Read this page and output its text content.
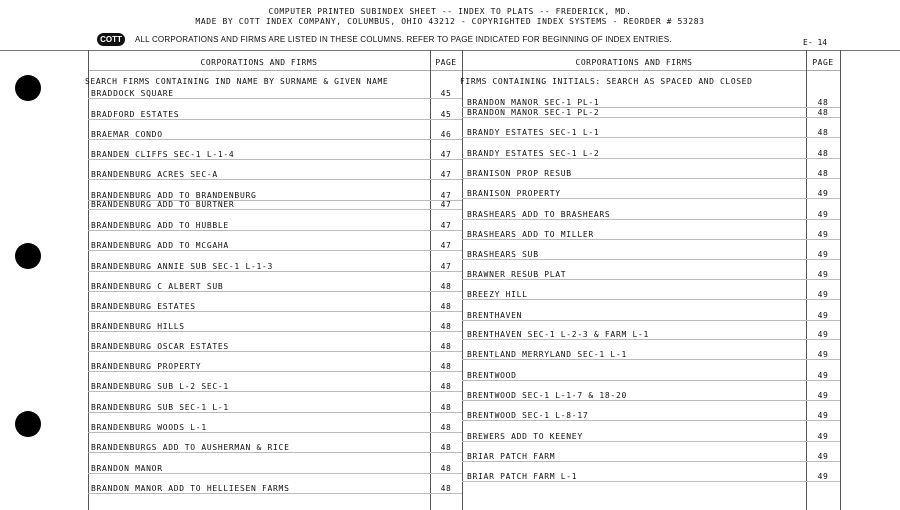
COMPUTER PRINTED SUBINDEX SHEET -- INDEX TO PLATS -- FREDERICK, MD.
MADE BY COTT INDEX COMPANY, COLUMBUS, OHIO 43212 - COPYRIGHTED INDEX SYSTEMS - REORDER # 53283
COTT	ALL CORPORATIONS AND FIRMS ARE LISTED IN THESE COLUMNS. REFER TO PAGE INDICATED FOR BEGINNING OF INDEX ENTRIES.	E- 14
CORPORATIONS AND FIRMS	PAGE	CORPORATIONS AND FIRMS	PAGE
SEARCH FIRMS CONTAINING IND NAME BY SURNAME & GIVEN NAME	FIRMS CONTAINING INITIALS: SEARCH AS SPACED AND CLOSED
BRADDOCK SQUARE	45
BRADFORD ESTATES	45
BRAEMAR CONDO	46
BRANDEN CLIFFS SEC-1 L-1-4	47
BRANDENBURG ACRES SEC-A	47
BRANDENBURG ADD TO BRANDENBURG	47
BRANDENBURG ADD TO BURTNER	47
BRANDENBURG ADD TO HUBBLE	47
BRANDENBURG ADD TO MCGAHA	47
BRANDENBURG ANNIE SUB SEC-1 L-1-3	47
BRANDENBURG C ALBERT SUB	48
BRANDENBURG ESTATES	48
BRANDENBURG HILLS	48
BRANDENBURG OSCAR ESTATES	48
BRANDENBURG PROPERTY	48
BRANDENBURG SUB L-2 SEC-1	48
BRANDENBURG SUB SEC-1 L-1	48
BRANDENBURG WOODS L-1	48
BRANDENBURGS ADD TO AUSHERMAN & RICE	48
BRANDON MANOR	48
BRANDON MANOR ADD TO HELLIESEN FARMS	48
BRANDON MANOR SEC-1 PL-1	48
BRANDON MANOR SEC-1 PL-2	48
BRANDY ESTATES SEC-1 L-1	48
BRANDY ESTATES SEC-1 L-2	48
BRANISON PROP RESUB	48
BRANISON PROPERTY	49
BRASHEARS ADD TO BRASHEARS	49
BRASHEARS ADD TO MILLER	49
BRASHEARS SUB	49
BRAWNER RESUB PLAT	49
BREEZY HILL	49
BRENTHAVEN	49
BRENTHAVEN SEC-1 L-2-3 & FARM L-1	49
BRENTLAND MERRYLAND SEC-1 L-1	49
BRENTWOOD	49
BRENTWOOD SEC-1 L-1-7 & 18-20	49
BRENTWOOD SEC-1 L-8-17	49
BREWERS ADD TO KEENEY	49
BRIAR PATCH FARM	49
BRIAR PATCH FARM L-1	49
